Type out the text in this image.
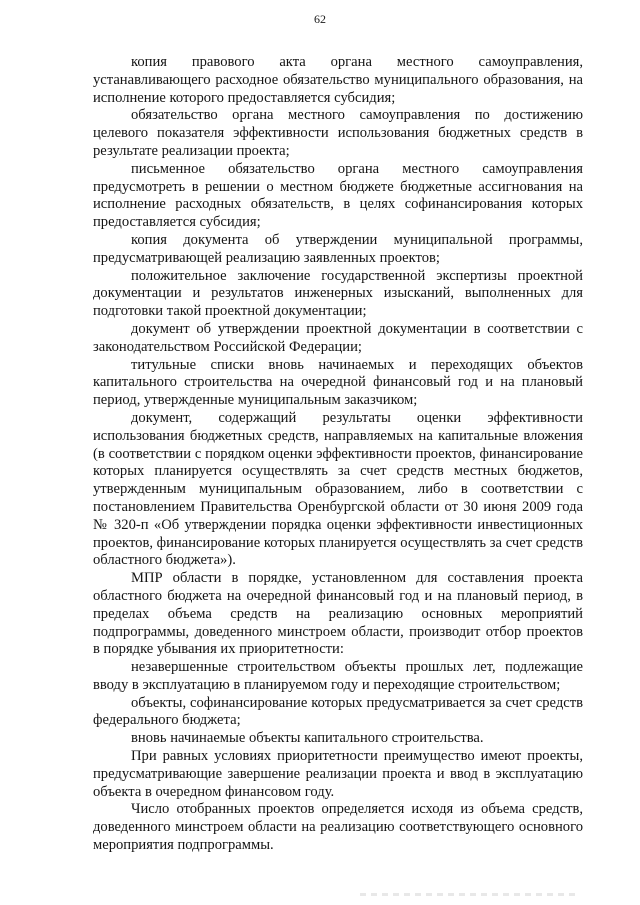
62

копия правового акта органа местного самоуправления, устанавливающего расходное обязательство муниципального образования, на исполнение которого предоставляется субсидия;

обязательство органа местного самоуправления по достижению целевого показателя эффективности использования бюджетных средств в результате реализации проекта;

письменное обязательство органа местного самоуправления предусмотреть в решении о местном бюджете бюджетные ассигнования на исполнение расходных обязательств, в целях софинансирования которых предоставляется субсидия;

копия документа об утверждении муниципальной программы, предусматривающей реализацию заявленных проектов;

положительное заключение государственной экспертизы проектной документации и результатов инженерных изысканий, выполненных для подготовки такой проектной документации;

документ об утверждении проектной документации в соответствии с законодательством Российской Федерации;

титульные списки вновь начинаемых и переходящих объектов капитального строительства на очередной финансовый год и на плановый период, утвержденные муниципальным заказчиком;

документ, содержащий результаты оценки эффективности использования бюджетных средств, направляемых на капитальные вложения (в соответствии с порядком оценки эффективности проектов, финансирование которых планируется осуществлять за счет средств местных бюджетов, утвержденным муниципальным образованием, либо в соответствии с постановлением Правительства Оренбургской области от 30 июня 2009 года № 320-п «Об утверждении порядка оценки эффективности инвестиционных проектов, финансирование которых планируется осуществлять за счет средств областного бюджета»).

МПР области в порядке, установленном для составления проекта областного бюджета на очередной финансовый год и на плановый период, в пределах объема средств на реализацию основных мероприятий подпрограммы, доведенного минстроем области, производит отбор проектов в порядке убывания их приоритетности:

незавершенные строительством объекты прошлых лет, подлежащие вводу в эксплуатацию в планируемом году и переходящие строительством;

объекты, софинансирование которых предусматривается за счет средств федерального бюджета;

вновь начинаемые объекты капитального строительства.

При равных условиях приоритетности преимущество имеют проекты, предусматривающие завершение реализации проекта и ввод в эксплуатацию объекта в очередном финансовом году.

Число отобранных проектов определяется исходя из объема средств, доведенного минстроем области на реализацию соответствующего основного мероприятия подпрограммы.
